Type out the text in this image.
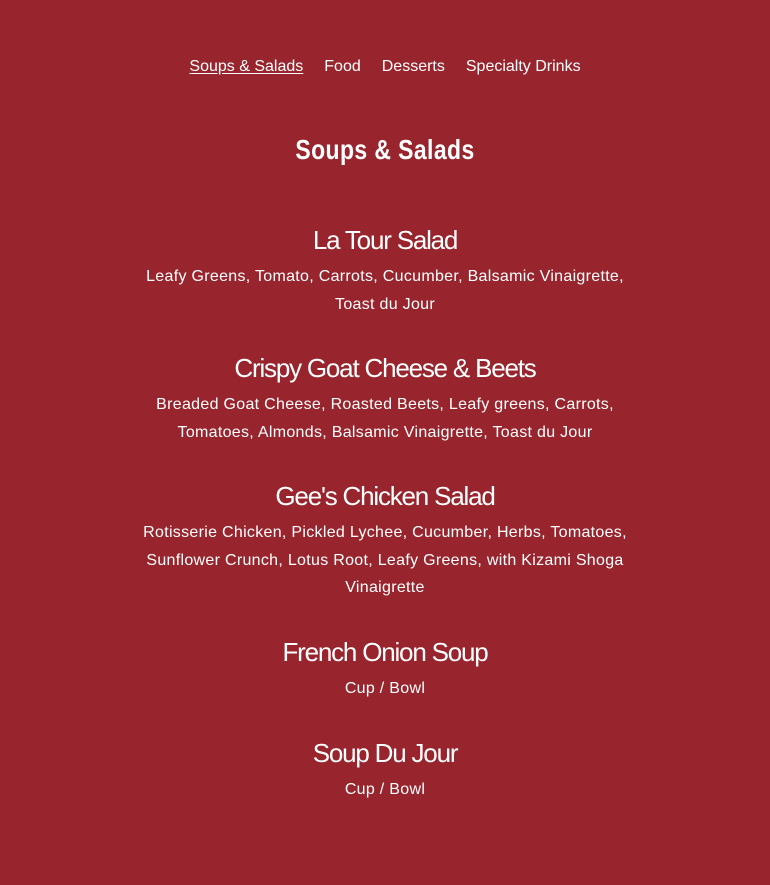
Soups & Salads Food Desserts Specialty Drinks
Soups & Salads
La Tour Salad
Leafy Greens, Tomato, Carrots, Cucumber, Balsamic Vinaigrette, Toast du Jour
Crispy Goat Cheese & Beets
Breaded Goat Cheese, Roasted Beets, Leafy greens, Carrots, Tomatoes, Almonds, Balsamic Vinaigrette, Toast du Jour
Gee's Chicken Salad
Rotisserie Chicken, Pickled Lychee, Cucumber, Herbs, Tomatoes, Sunflower Crunch, Lotus Root, Leafy Greens, with Kizami Shoga Vinaigrette
French Onion Soup
Cup / Bowl
Soup Du Jour
Cup / Bowl
